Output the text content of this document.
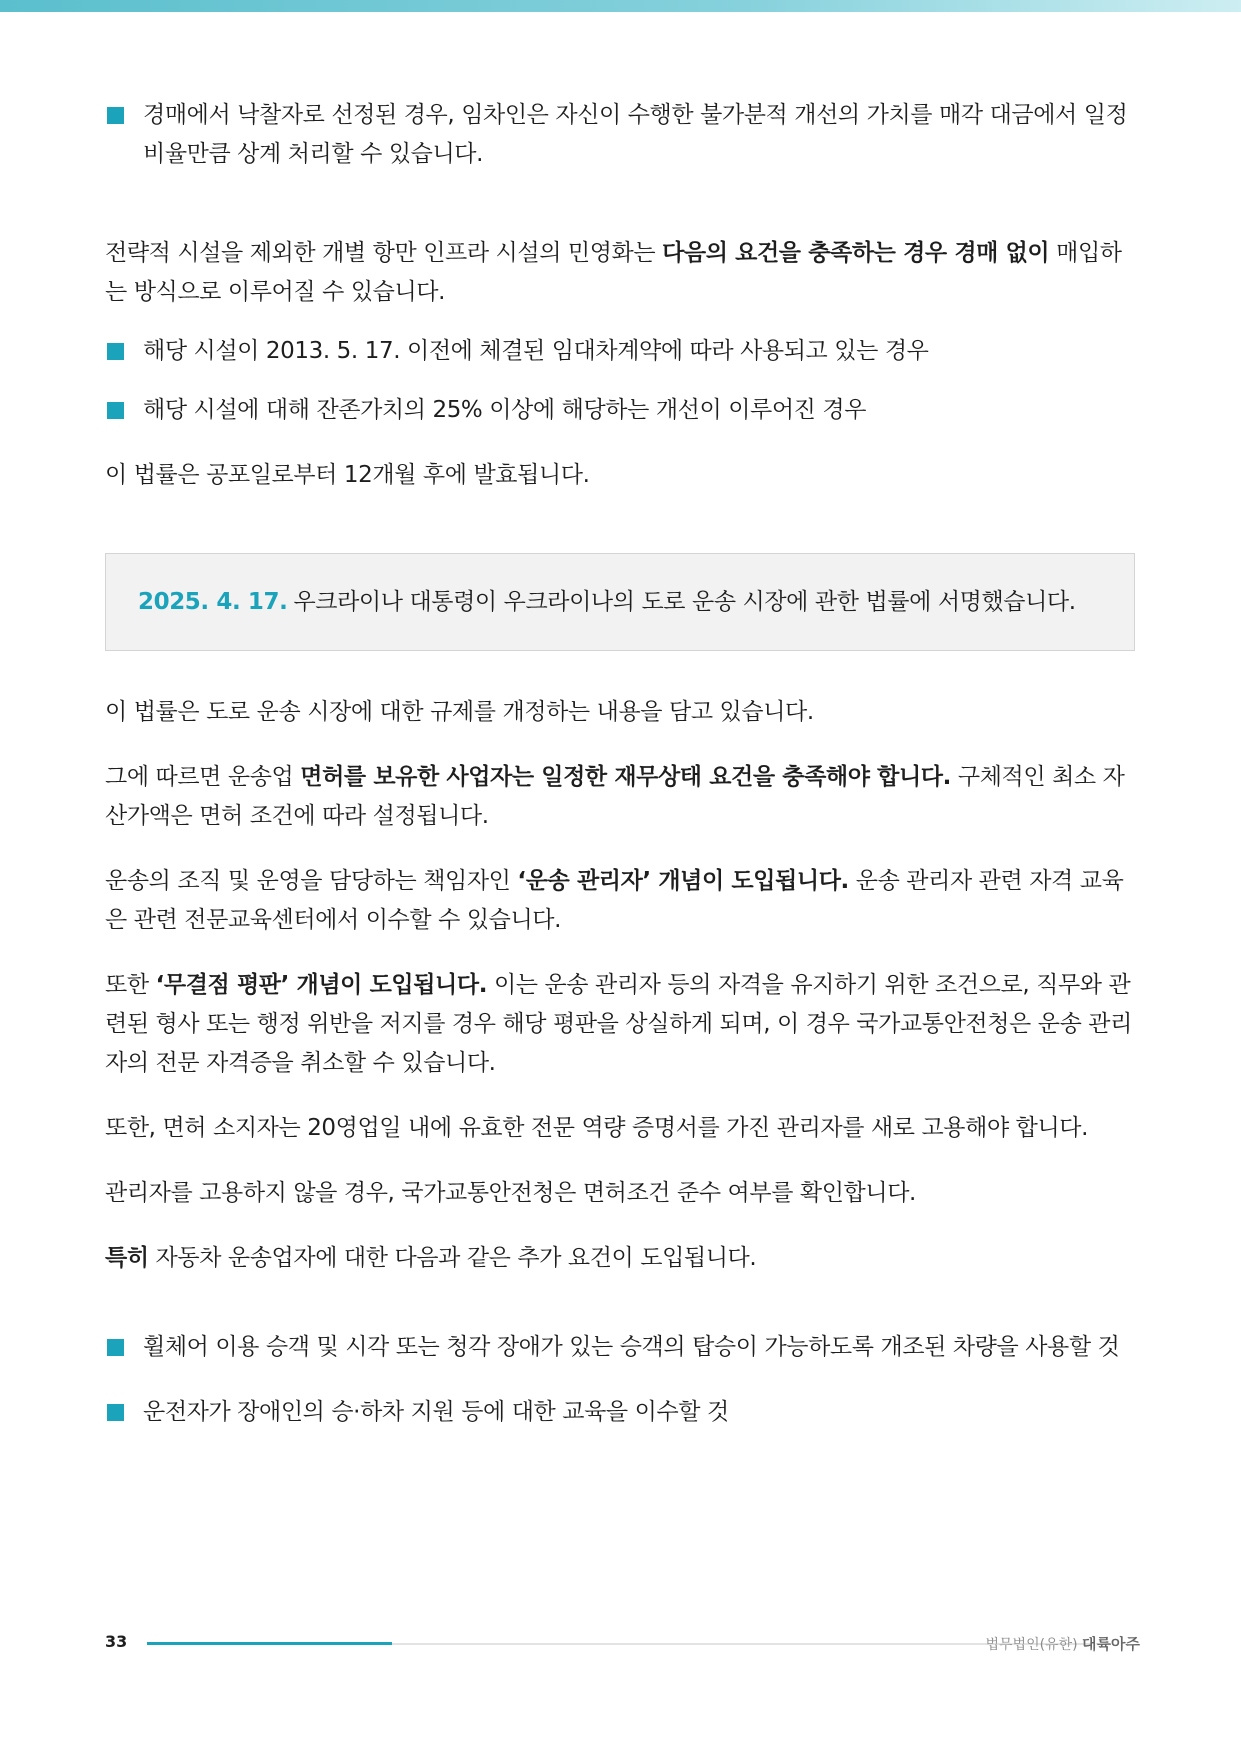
경매에서 낙찰자로 선정된 경우, 임차인은 자신이 수행한 불가분적 개선의 가치를 매각 대금에서 일정 비율만큼 상계 처리할 수 있습니다.

전략적 시설을 제외한 개별 항만 인프라 시설의 민영화는 다음의 요건을 충족하는 경우 경매 없이 매입하는 방식으로 이루어질 수 있습니다.

해당 시설이 2013. 5. 17. 이전에 체결된 임대차계약에 따라 사용되고 있는 경우

해당 시설에 대해 잔존가치의 25% 이상에 해당하는 개선이 이루어진 경우

이 법률은 공포일로부터 12개월 후에 발효됩니다.

2025. 4. 17. 우크라이나 대통령이 우크라이나의 도로 운송 시장에 관한 법률에 서명했습니다.

이 법률은 도로 운송 시장에 대한 규제를 개정하는 내용을 담고 있습니다.

그에 따르면 운송업 면허를 보유한 사업자는 일정한 재무상태 요건을 충족해야 합니다. 구체적인 최소 자산가액은 면허 조건에 따라 설정됩니다.

운송의 조직 및 운영을 담당하는 책임자인 ‘운송 관리자’ 개념이 도입됩니다. 운송 관리자 관련 자격 교육은 관련 전문교육센터에서 이수할 수 있습니다.

또한 ‘무결점 평판’ 개념이 도입됩니다. 이는 운송 관리자 등의 자격을 유지하기 위한 조건으로, 직무와 관련된 형사 또는 행정 위반을 저지를 경우 해당 평판을 상실하게 되며, 이 경우 국가교통안전청은 운송 관리자의 전문 자격증을 취소할 수 있습니다.

또한, 면허 소지자는 20영업일 내에 유효한 전문 역량 증명서를 가진 관리자를 새로 고용해야 합니다.

관리자를 고용하지 않을 경우, 국가교통안전청은 면허조건 준수 여부를 확인합니다.

특히 자동차 운송업자에 대한 다음과 같은 추가 요건이 도입됩니다.

휠체어 이용 승객 및 시각 또는 청각 장애가 있는 승객의 탑승이 가능하도록 개조된 차량을 사용할 것

운전자가 장애인의 승·하차 지원 등에 대한 교육을 이수할 것

33	법무법인(유한) 대륙아주
